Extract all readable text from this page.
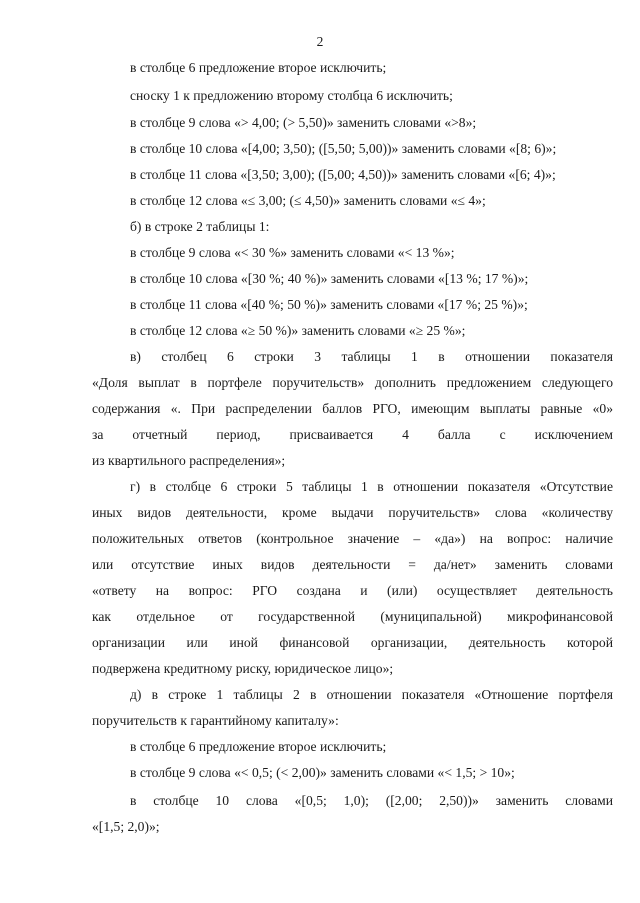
2
в столбце 6 предложение второе исключить;
сноску 1 к предложению второму столбца 6 исключить;
в столбце 9 слова «> 4,00; (> 5,50)» заменить словами «>8»;
в столбце 10 слова «[4,00; 3,50); ([5,50; 5,00))» заменить словами «[8; 6)»;
в столбце 11 слова «[3,50; 3,00); ([5,00; 4,50))» заменить словами «[6; 4)»;
в столбце 12 слова «≤ 3,00; (≤ 4,50)» заменить словами «≤ 4»;
б) в строке 2 таблицы 1:
в столбце 9 слова «< 30 %» заменить словами «< 13 %»;
в столбце 10 слова «[30 %; 40 %)» заменить словами «[13 %; 17 %)»;
в столбце 11 слова «[40 %; 50 %)» заменить словами «[17 %; 25 %)»;
в столбце 12 слова «≥ 50 %)» заменить словами «≥ 25 %»;
в) столбец 6 строки 3 таблицы 1 в отношении показателя
«Доля выплат в портфеле поручительств» дополнить предложением следующего
содержания «. При распределении баллов РГО, имеющим выплаты равные «0»
за отчетный период, присваивается 4 балла с исключением
из квартильного распределения»;
г) в столбце 6 строки 5 таблицы 1 в отношении показателя «Отсутствие
иных видов деятельности, кроме выдачи поручительств» слова «количеству
положительных ответов (контрольное значение – «да») на вопрос: наличие
или отсутствие иных видов деятельности = да/нет» заменить словами
«ответу на вопрос: РГО создана и (или) осуществляет деятельность
как отдельное от государственной (муниципальной) микрофинансовой
организации или иной финансовой организации, деятельность которой
подвержена кредитному риску, юридическое лицо»;
д) в строке 1 таблицы 2 в отношении показателя «Отношение портфеля
поручительств к гарантийному капиталу»:
в столбце 6 предложение второе исключить;
в столбце 9 слова «< 0,5; (< 2,00)» заменить словами «< 1,5; > 10»;
в столбце 10 слова «[0,5; 1,0); ([2,00; 2,50))» заменить словами
«[1,5; 2,0)»;
